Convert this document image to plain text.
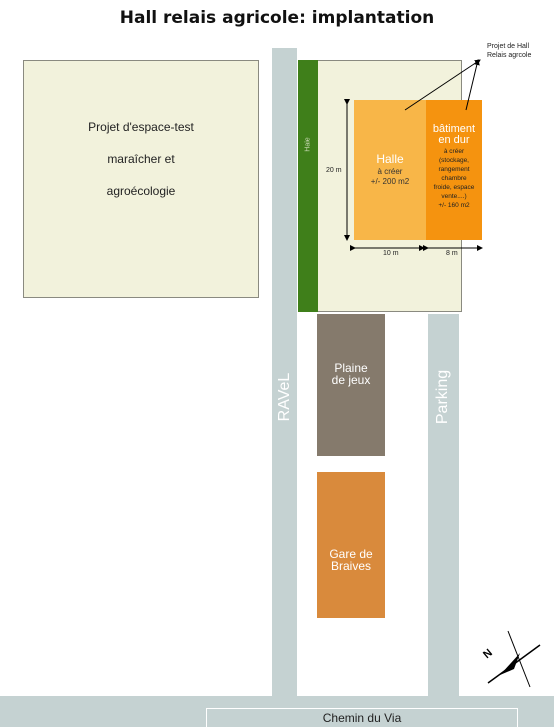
Hall relais agricole: implantation
Projet d'espace-test
maraîcher et
agroécologie
RAVeL
Haie
Halle
à créer
+/- 200 m2
bâtiment
en dur
à créer
(stockage,
rangement
chambre
froide, espace
vente....)
+/- 160 m2
20 m
10 m	8 m
Projet de Hall
Relais agrcole
Plaine
de jeux	Parking
Gare de
Braives
N
Chemin du Via
